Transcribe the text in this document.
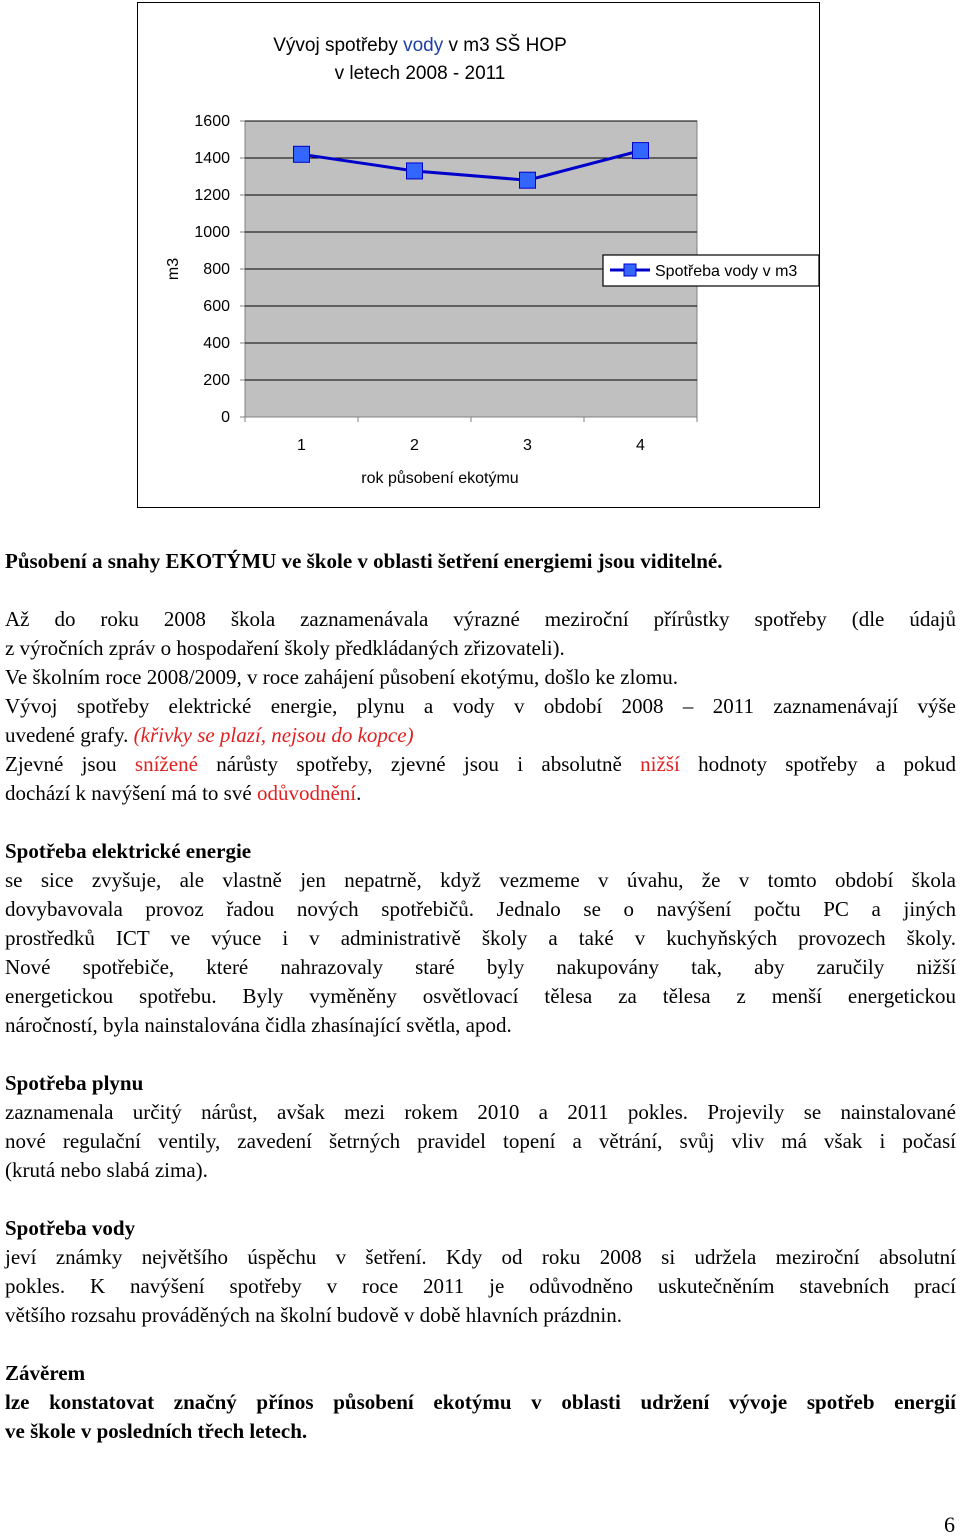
Vývoj spotřeby vody v m3 SŠ HOP
v letech 2008 - 2011
m3
0
200
400
600
800
1000
1200
1400
1600
1	2	3	4
rok působení ekotýmu
Spotřeba vody v m3

Působení a snahy EKOTÝMU ve škole v oblasti šetření energiemi jsou viditelné.

Až do roku 2008 škola zaznamenávala výrazné meziroční přírůstky spotřeby (dle údajů

z výročních zpráv o hospodaření školy předkládaných zřizovateli).

Ve školním roce 2008/2009, v roce zahájení působení ekotýmu, došlo ke zlomu.

Vývoj spotřeby elektrické energie, plynu a vody v období 2008 – 2011 zaznamenávají výše

uvedené grafy. (křivky se plazí, nejsou do kopce)

Zjevné jsou snížené nárůsty spotřeby, zjevné jsou i absolutně nižší hodnoty spotřeby a pokud

dochází k navýšení má to své odůvodnění.

Spotřeba elektrické energie

se sice zvyšuje, ale vlastně jen nepatrně, když vezmeme v úvahu, že v tomto období škola

dovybavovala provoz řadou nových spotřebičů. Jednalo se o navýšení počtu PC a jiných

prostředků ICT ve výuce i v administrativě školy a také v kuchyňských provozech školy.

Nové spotřebiče, které nahrazovaly staré byly nakupovány tak, aby zaručily nižší

energetickou spotřebu. Byly vyměněny osvětlovací tělesa za tělesa z menší energetickou

náročností, byla nainstalována čidla zhasínající světla, apod.

Spotřeba plynu

zaznamenala určitý nárůst, avšak mezi rokem 2010 a 2011 pokles. Projevily se nainstalované

nové regulační ventily, zavedení šetrných pravidel topení a větrání, svůj vliv má však i počasí

(krutá nebo slabá zima).

Spotřeba vody

jeví známky největšího úspěchu v šetření. Kdy od roku 2008 si udržela meziroční absolutní

pokles. K navýšení spotřeby v roce 2011 je odůvodněno uskutečněním stavebních prací

většího rozsahu prováděných na školní budově v době hlavních prázdnin.

Závěrem

lze konstatovat značný přínos působení ekotýmu v oblasti udržení vývoje spotřeb energií

ve škole v posledních třech letech.

6
